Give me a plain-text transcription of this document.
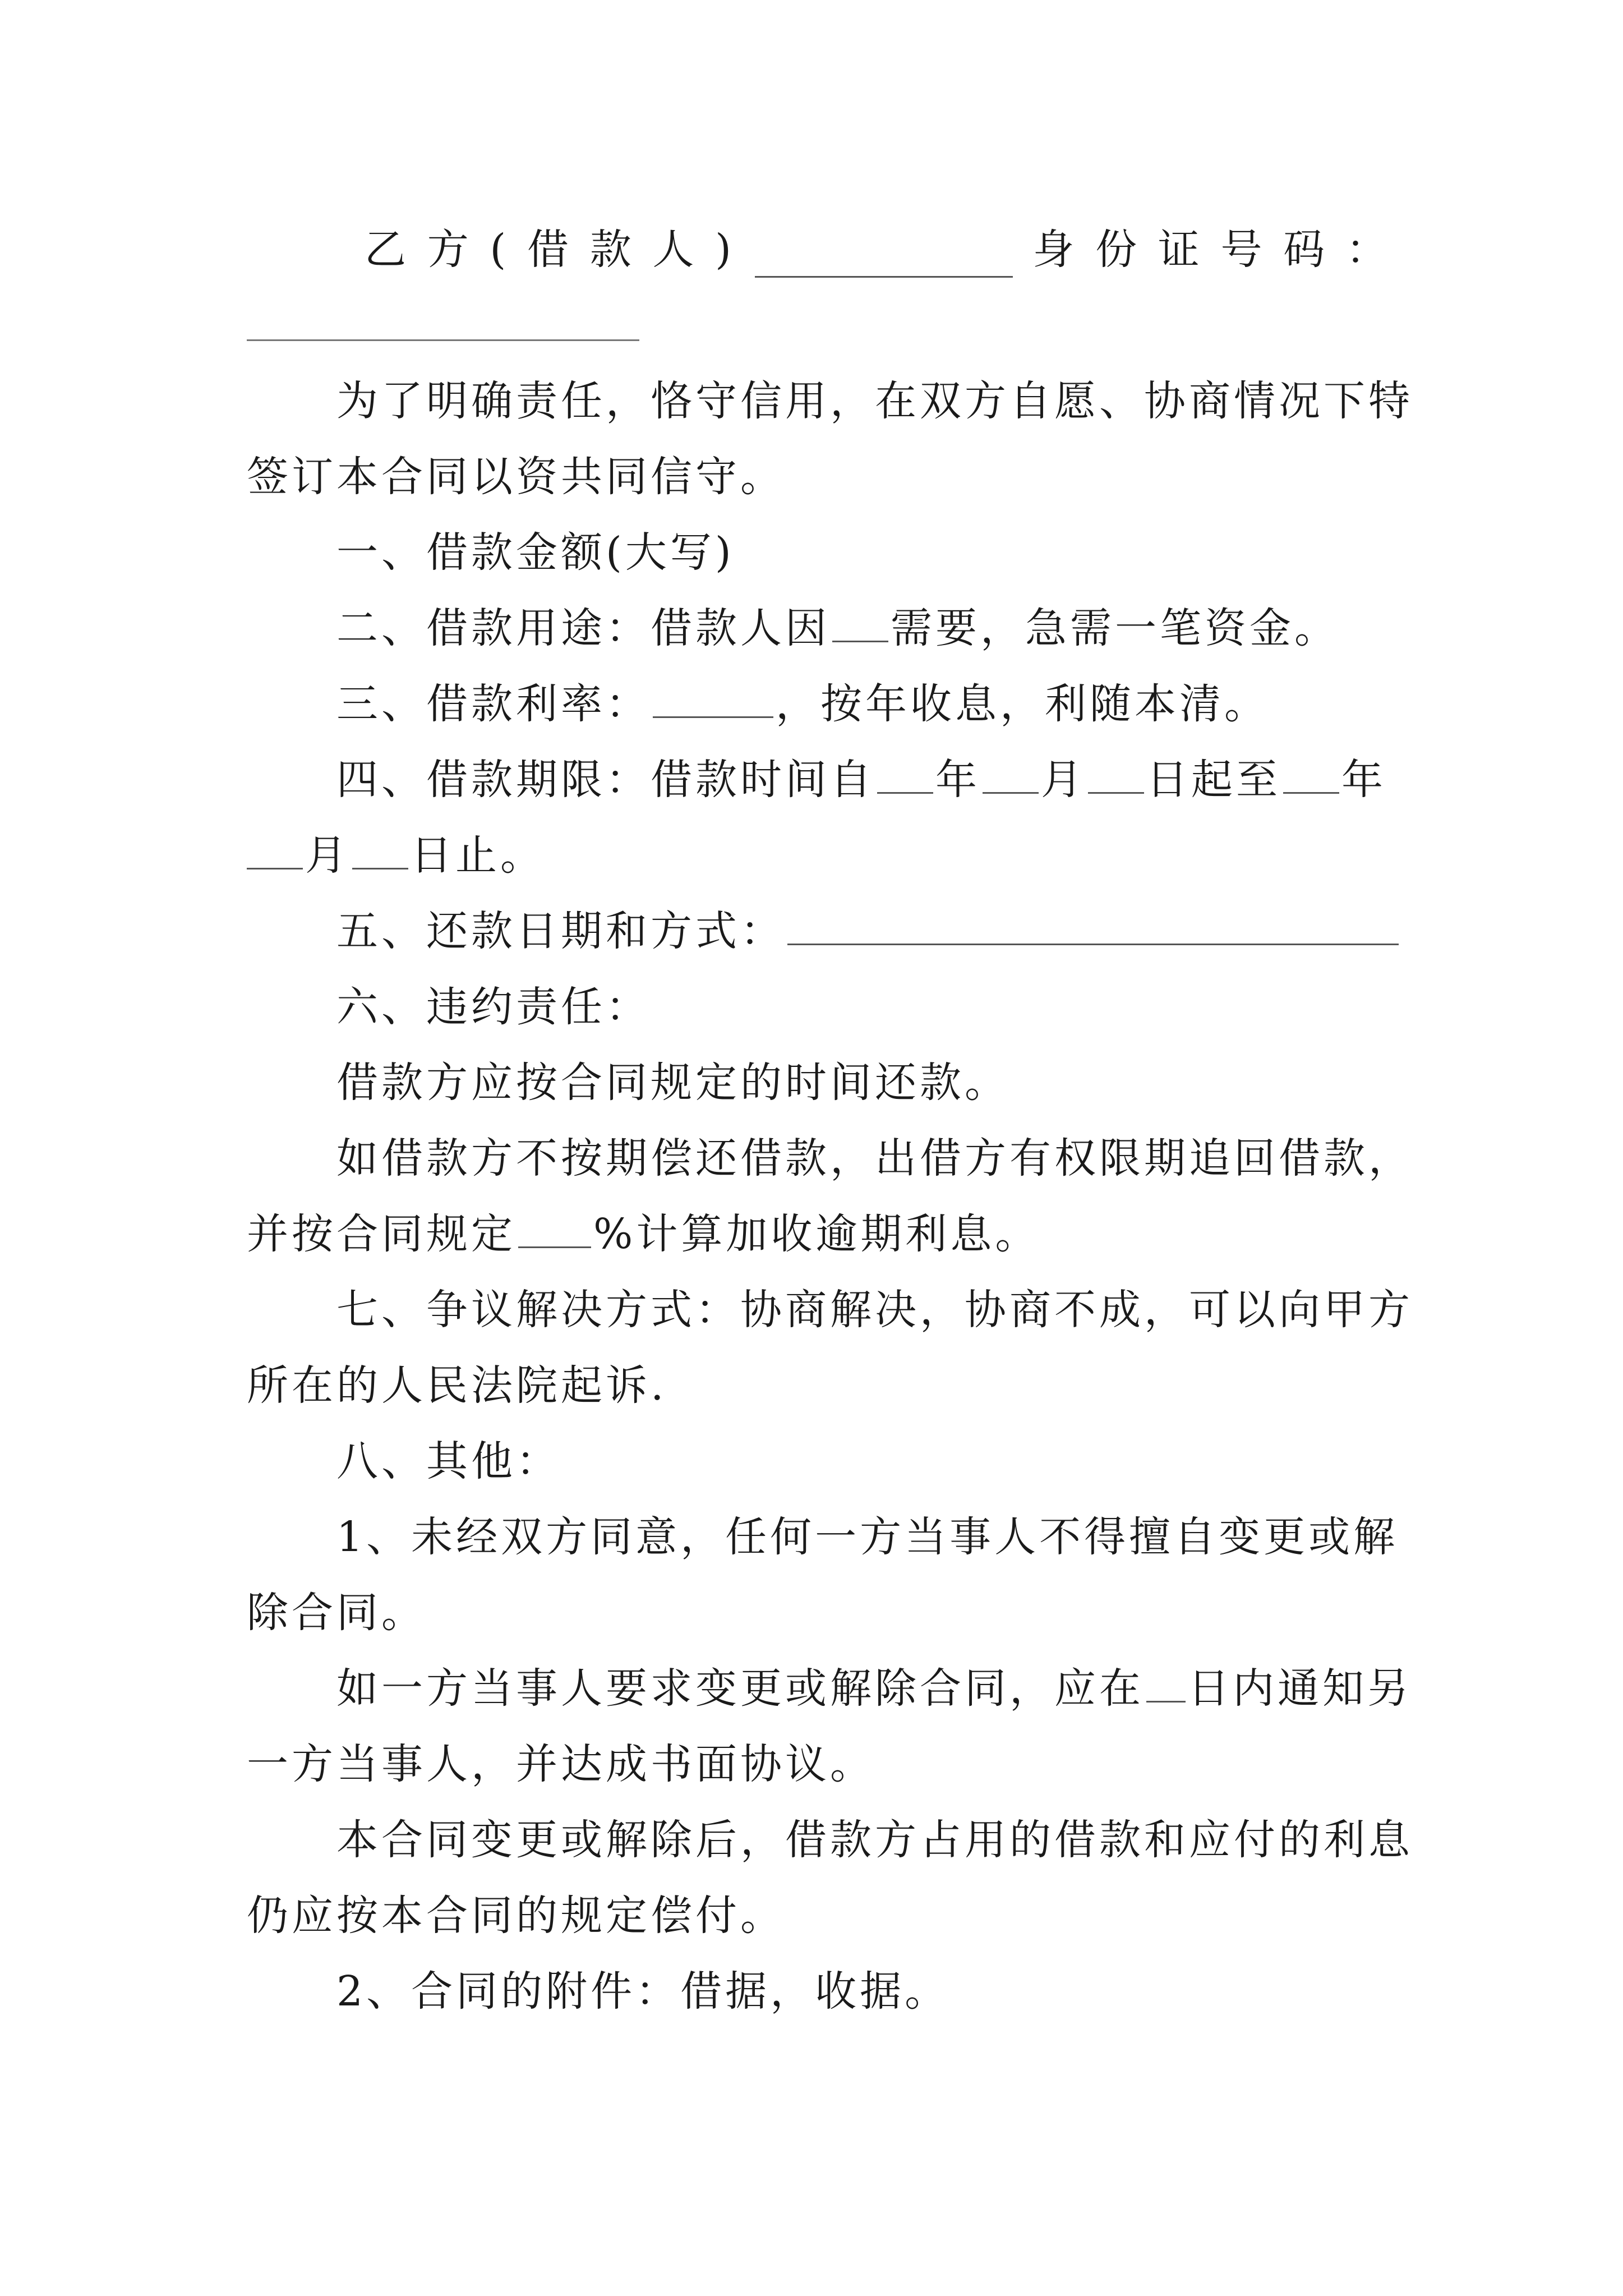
乙 方 ( 借 款 人 )	身 份 证 号 码 ：
为了明确责任，恪守信用，在双方自愿、协商情况下特
签订本合同以资共同信守。
一、借款金额(大写)
二、借款用途：借款人因 需要，急需一笔资金。
三、借款利率：	，按年收息，利随本清。
四、借款期限：借款时间自 年 月 日起至 年
月 日止。
五、还款日期和方式：
六、违约责任：
借款方应按合同规定的时间还款。
如借款方不按期偿还借款，出借方有权限期追回借款，
并按合同规定 %计算加收逾期利息。
七、争议解决方式：协商解决，协商不成，可以向甲方
所在的人民法院起诉.
八、其他：
1、未经双方同意，任何一方当事人不得擅自变更或解
除合同。
如一方当事人要求变更或解除合同，应在 日内通知另
一方当事人，并达成书面协议。
本合同变更或解除后，借款方占用的借款和应付的利息
仍应按本合同的规定偿付。
2、合同的附件：借据，收据。
